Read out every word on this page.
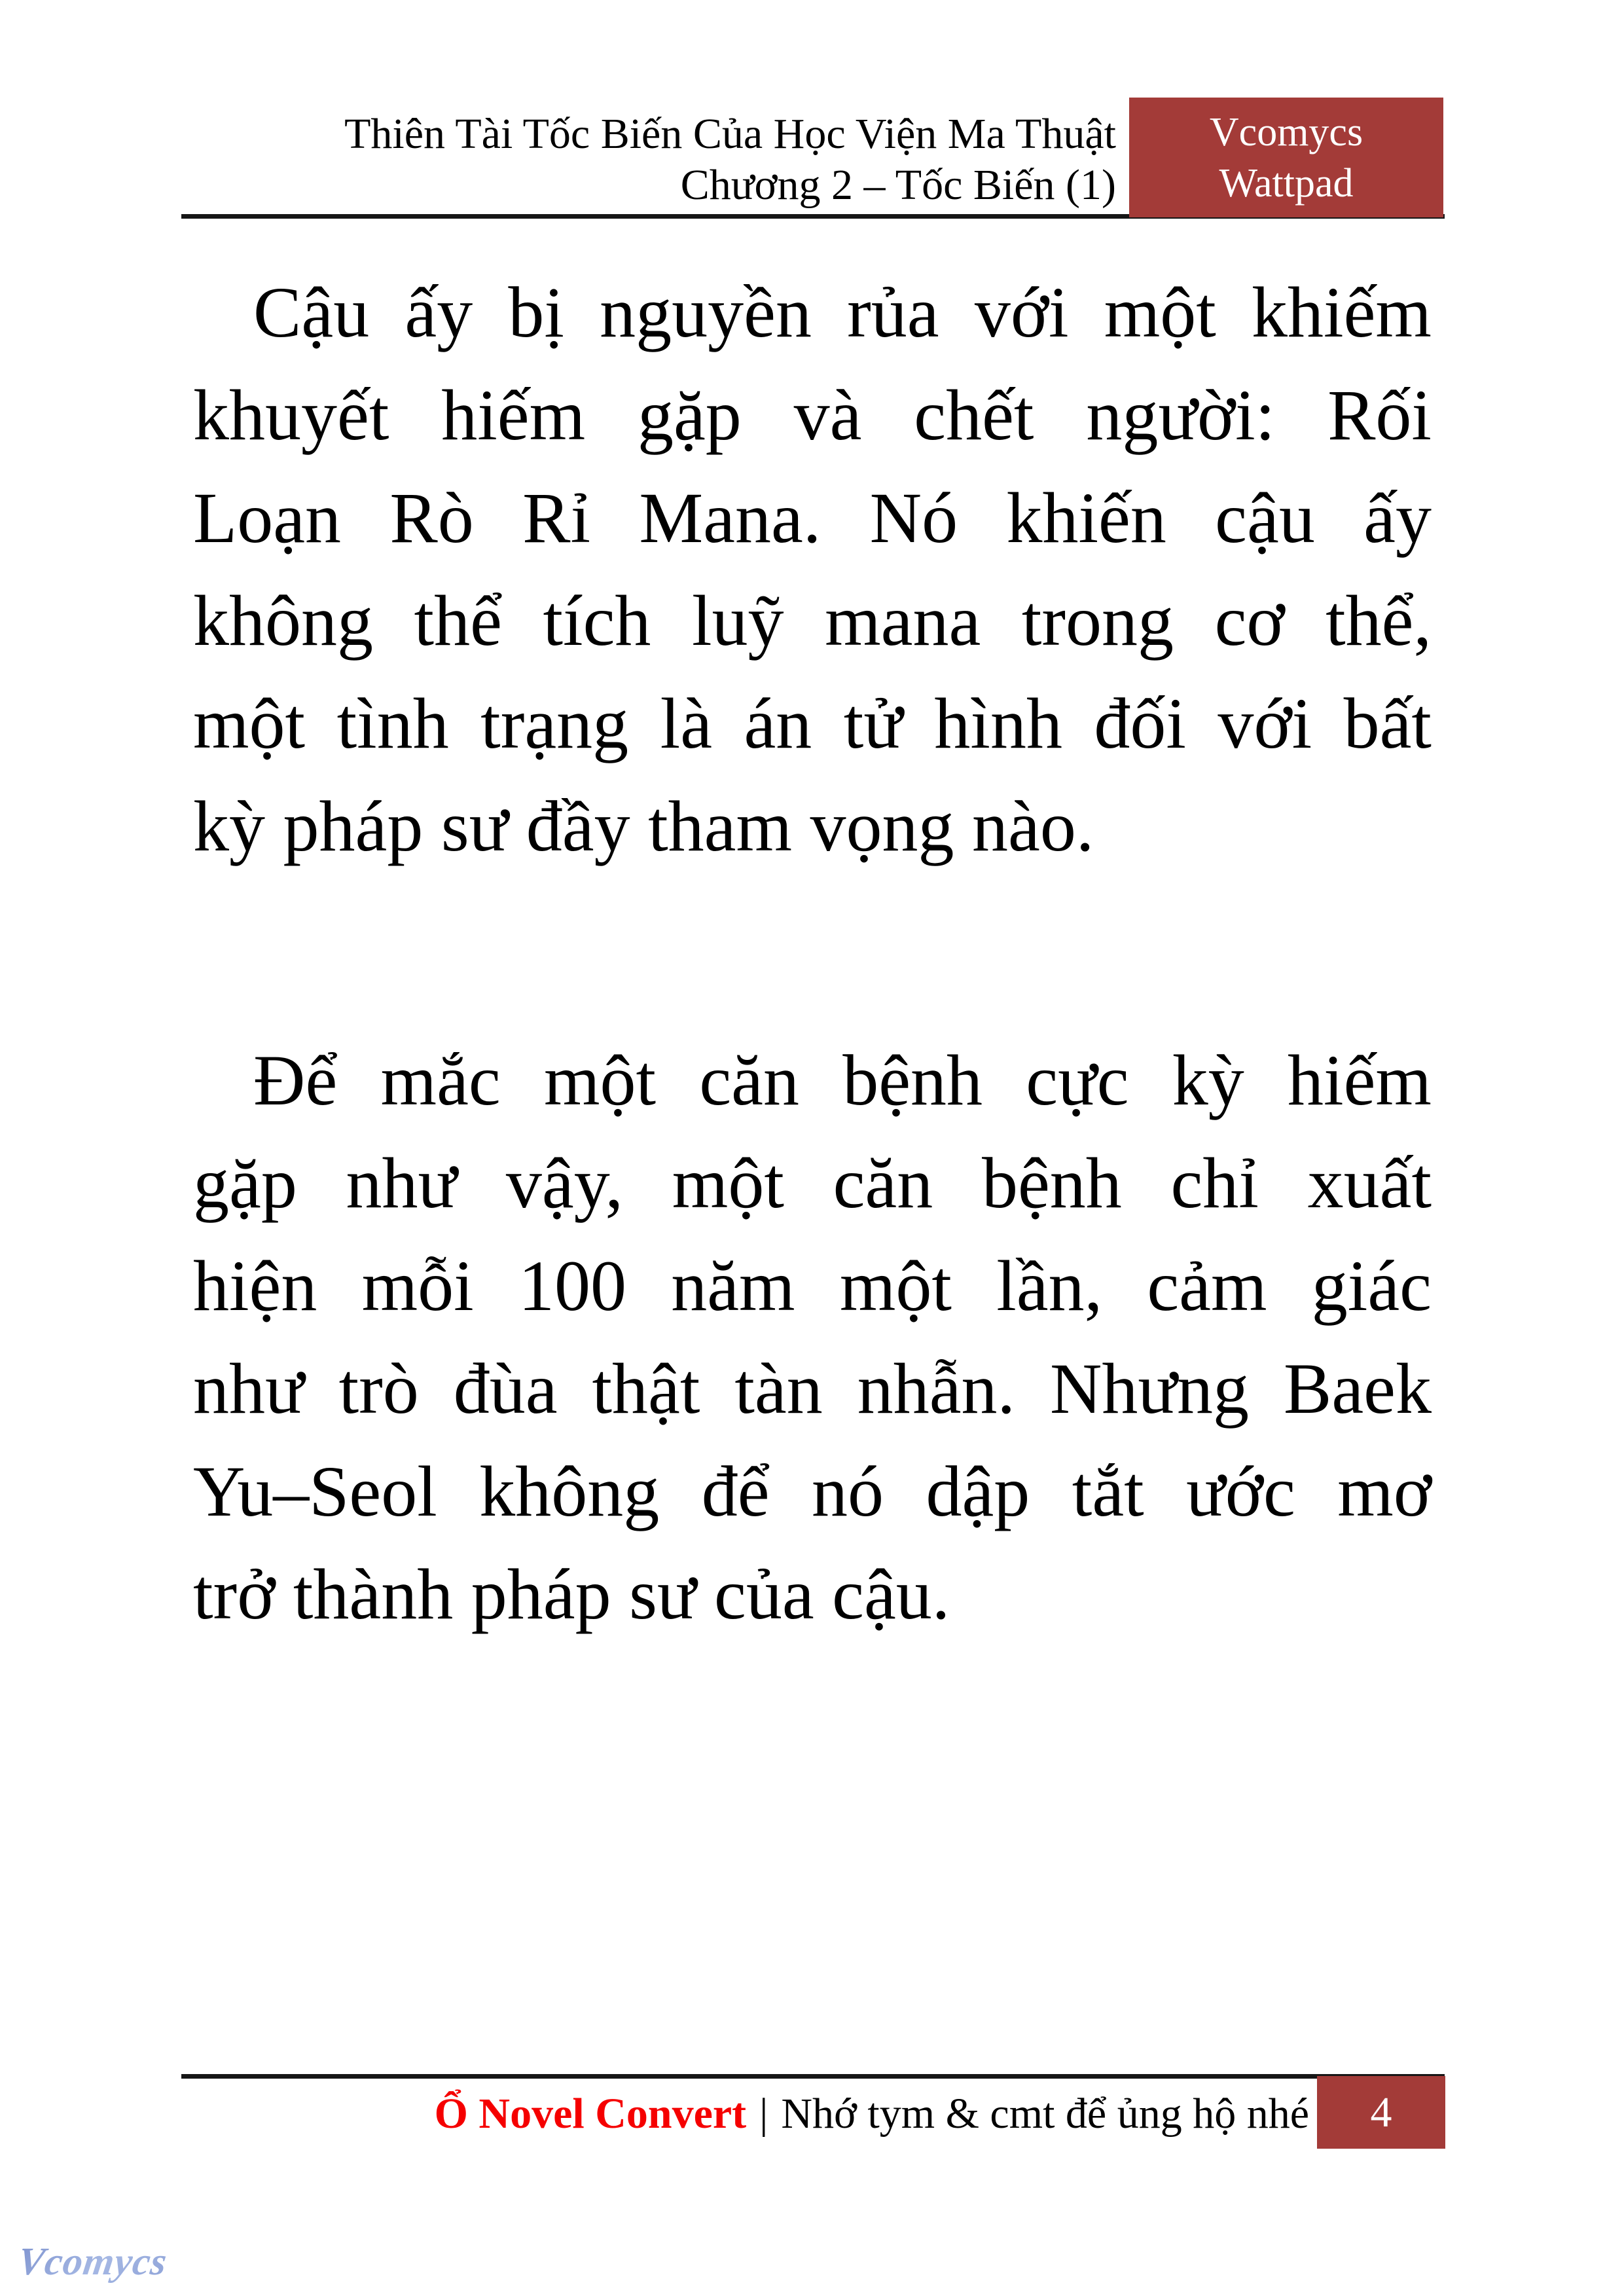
Thiên Tài Tốc Biến Của Học Viện Ma Thuật
Chương 2 – Tốc Biến (1)
Vcomycs
Wattpad
Cậu ấy bị nguyền rủa với một khiếm
khuyết hiếm gặp và chết người: Rối
Loạn Rò Rỉ Mana. Nó khiến cậu ấy
không thể tích luỹ mana trong cơ thể,
một tình trạng là án tử hình đối với bất
kỳ pháp sư đầy tham vọng nào.
Để mắc một căn bệnh cực kỳ hiếm
gặp như vậy, một căn bệnh chỉ xuất
hiện mỗi 100 năm một lần, cảm giác
như trò đùa thật tàn nhẫn. Nhưng Baek
Yu–Seol không để nó dập tắt ước mơ
trở thành pháp sư của cậu.
Ổ Novel Convert | Nhớ tym & cmt để ủng hộ nhé 4
Vcomycs
